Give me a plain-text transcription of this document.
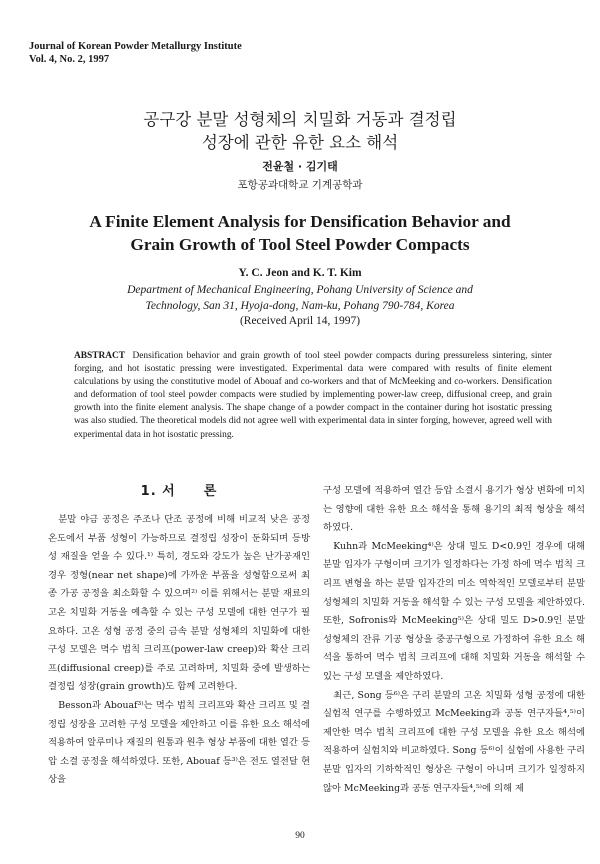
Journal of Korean Powder Metallurgy Institute
Vol. 4, No. 2, 1997
공구강 분말 성형체의 치밀화 거동과 결정립
성장에 관한 유한 요소 해석
전윤철 · 김기태
포항공과대학교 기계공학과
A Finite Element Analysis for Densification Behavior and
Grain Growth of Tool Steel Powder Compacts
Y. C. Jeon and K. T. Kim
Department of Mechanical Engineering, Pohang University of Science and
Technology, San 31, Hyoja-dong, Nam-ku, Pohang 790-784, Korea
(Received April 14, 1997)
ABSTRACT Densification behavior and grain growth of tool steel powder compacts during pressureless sintering, sinter forging, and hot isostatic pressing were investigated. Experimental data were compared with results of finite element calculations by using the constitutive model of Abouaf and co-workers and that of McMeeking and co-workers. Densification and deformation of tool steel powder compacts were studied by implementing power-law creep, diffusional creep, and grain growth into the finite element analysis. The shape change of a powder compact in the container during hot isostatic pressing was also studied. The theoretical models did not agree well with experimental data in sinter forging, however, agreed well with experimental data in hot isostatic pressing.
1. 서　　론

분말 야금 공정은 주조나 단조 공정에 비해 비교적 낮은 공정 온도에서 부품 성형이 가능하므로 결정립 성장이 둔화되며 등방성 재질을 얻을 수 있다.¹⁾ 특히, 경도와 강도가 높은 난가공재인 경우 정형(near net shape)에 가까운 부품을 성형함으로써 최종 가공 공정을 최소화할 수 있으며²⁾ 이를 위해서는 분말 재료의 고온 치밀화 거동을 예측할 수 있는 구성 모델에 대한 연구가 필요하다. 고온 성형 공정 중의 금속 분말 성형체의 치밀화에 대한 구성 모델은 멱수 법칙 크리프(power-law creep)와 확산 크리프(diffusional creep)를 주로 고려하며, 치밀화 중에 발생하는 결정립 성장(grain growth)도 함께 고려한다.

Besson과 Abouaf³⁾는 멱수 법칙 크리프와 확산 크리프 및 결정립 성장을 고려한 구성 모델을 제안하고 이를 유한 요소 해석에 적용하여 알루미나 재질의 원통과 원추 형상 부품에 대한 열간 등압 소결 공정을 해석하였다. 또한, Abouaf 등³⁾은 전도 열전달 현상을

구성 모델에 적용하여 열간 등압 소결시 용기가 형상 변화에 미치는 영향에 대한 유한 요소 해석을 통해 용기의 최적 형상을 해석하였다.

Kuhn과 McMeeking⁴⁾은 상대 밀도 D<0.9인 경우에 대해 분말 입자가 구형이며 크기가 일정하다는 가정 하에 멱수 법칙 크리프 변형을 하는 분말 입자간의 미소 역학적인 모델로부터 분말 성형체의 치밀화 거동을 해석할 수 있는 구성 모델을 제안하였다. 또한, Sofronis와 McMeeking⁵⁾은 상대 밀도 D>0.9인 분말 성형체의 잔류 기공 형상을 중공구형으로 가정하여 유한 요소 해석을 통하여 멱수 법칙 크리프에 대해 치밀화 거동을 해석할 수 있는 구성 모델을 제안하였다.

최근, Song 등⁶⁾은 구리 분말의 고온 치밀화 성형 공정에 대한 실험적 연구를 수행하였고 McMeeking과 공동 연구자들⁴,⁵⁾이 제안한 멱수 법칙 크리프에 대한 구성 모델을 유한 요소 해석에 적용하여 실험치와 비교하였다. Song 등⁶⁾이 실험에 사용한 구리 분말 입자의 기하학적인 형상은 구형이 아니며 크기가 일정하지 않아 McMeeking과 공동 연구자들⁴,⁵⁾에 의해 제

90
